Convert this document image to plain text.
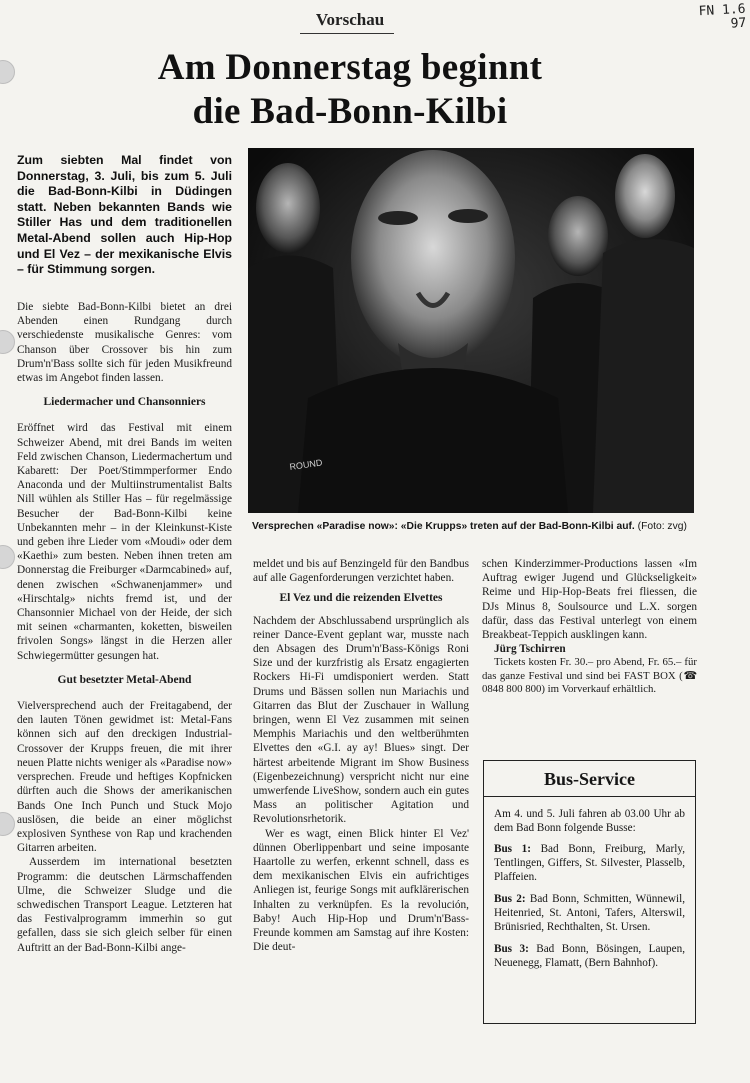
FN 1.6
97
Vorschau
Am Donnerstag beginnt
die Bad-Bonn-Kilbi
Zum siebten Mal findet von Donnerstag, 3. Juli, bis zum 5. Juli die Bad-Bonn-Kilbi in Düdingen statt. Neben bekannten Bands wie Stiller Has und dem traditionellen Metal-Abend sollen auch Hip-Hop und El Vez – der mexikanische Elvis – für Stimmung sorgen.
ROUND
Versprechen «Paradise now»: «Die Krupps» treten auf der Bad-Bonn-Kilbi auf. (Foto: zvg)

Die siebte Bad-Bonn-Kilbi bietet an drei Abenden einen Rundgang durch verschiedenste musikalische Genres: vom Chanson über Crossover bis hin zum Drum'n'Bass sollte sich für jeden Musikfreund etwas im Angebot finden lassen.

Liedermacher und Chansonniers

Eröffnet wird das Festival mit einem Schweizer Abend, mit drei Bands im weiten Feld zwischen Chanson, Liedermachertum und Kabarett: Der Poet/Stimmperformer Endo Anaconda und der Multiinstrumentalist Balts Nill wühlen als Stiller Has – für regelmässige Besucher der Bad-Bonn-Kilbi keine Unbekannten mehr – in der Kleinkunst-Kiste und geben ihre Lieder vom «Moudi» oder dem «Kaethi» zum besten. Neben ihnen treten am Donnerstag die Freiburger «Darmcabined» auf, denen zwischen «Schwanenjammer» und «Hirschtalg» nichts fremd ist, und der Chansonnier Michael von der Heide, der sich mit seinen «charmanten, koketten, bisweilen frivolen Songs» längst in die Herzen aller Schwiegermütter gesungen hat.

Gut besetzter Metal-Abend

Vielversprechend auch der Freitagabend, der den lauten Tönen gewidmet ist: Metal-Fans können sich auf den dreckigen Industrial-Crossover der Krupps freuen, die mit ihrer neuen Platte nichts weniger als «Paradise now» versprechen. Freude und heftiges Kopfnicken dürften auch die Shows der amerikanischen Bands One Inch Punch und Stuck Mojo auslösen, die beide an einer möglichst explosiven Synthese von Rap und krachenden Gitarren arbeiten.

Ausserdem im international besetzten Programm: die deutschen Lärmschaffenden Ulme, die Schweizer Sludge und die schwedischen Transport League. Letzteren hat das Festivalprogramm immerhin so gut gefallen, dass sie sich gleich selber für einen Auftritt an der Bad-Bonn-Kilbi ange-

meldet und bis auf Benzingeld für den Bandbus auf alle Gagenforderungen verzichtet haben.

El Vez und die reizenden Elvettes

Nachdem der Abschlussabend ursprünglich als reiner Dance-Event geplant war, musste nach den Absagen des Drum'n'Bass-Königs Roni Size und der kurzfristig als Ersatz engagierten Rockers Hi-Fi umdisponiert werden. Statt Drums und Bässen sollen nun Mariachis und Gitarren das Blut der Zuschauer in Wallung bringen, wenn El Vez zusammen mit seinen Memphis Mariachis und den weltberühmten Elvettes den «G.I. ay ay! Blues» singt. Der härtest arbeitende Migrant im Show Business (Eigenbezeichnung) verspricht nicht nur eine umwerfende LiveShow, sondern auch ein gutes Mass an politischer Agitation und Revolutionsrhetorik.

Wer es wagt, einen Blick hinter El Vez' dünnen Oberlippenbart und seine imposante Haartolle zu werfen, erkennt schnell, dass es dem mexikanischen Elvis ein aufrichtiges Anliegen ist, feurige Songs mit aufklärerischen Inhalten zu verknüpfen. Es la revolución, Baby! Auch Hip-Hop und Drum'n'Bass-Freunde kommen am Samstag auf ihre Kosten: Die deut-

schen Kinderzimmer-Productions lassen «Im Auftrag ewiger Jugend und Glückseligkeit» Reime und Hip-Hop-Beats frei fliessen, die DJs Minus 8, Soulsource und L.X. sorgen dafür, dass das Festival unterlegt von einem Breakbeat-Teppich ausklingen kann.

Jürg Tschirren

Tickets kosten Fr. 30.– pro Abend, Fr. 65.– für das ganze Festival und sind bei FAST BOX (☎ 0848 800 800) im Vorverkauf erhältlich.

Bus-Service

Am 4. und 5. Juli fahren ab 03.00 Uhr ab dem Bad Bonn folgende Busse:

Bus 1: Bad Bonn, Freiburg, Marly, Tentlingen, Giffers, St. Silvester, Plasselb, Plaffeien.

Bus 2: Bad Bonn, Schmitten, Wünnewil, Heitenried, St. Antoni, Tafers, Alterswil, Brünisried, Rechthalten, St. Ursen.

Bus 3: Bad Bonn, Bösingen, Laupen, Neuenegg, Flamatt, (Bern Bahnhof).
